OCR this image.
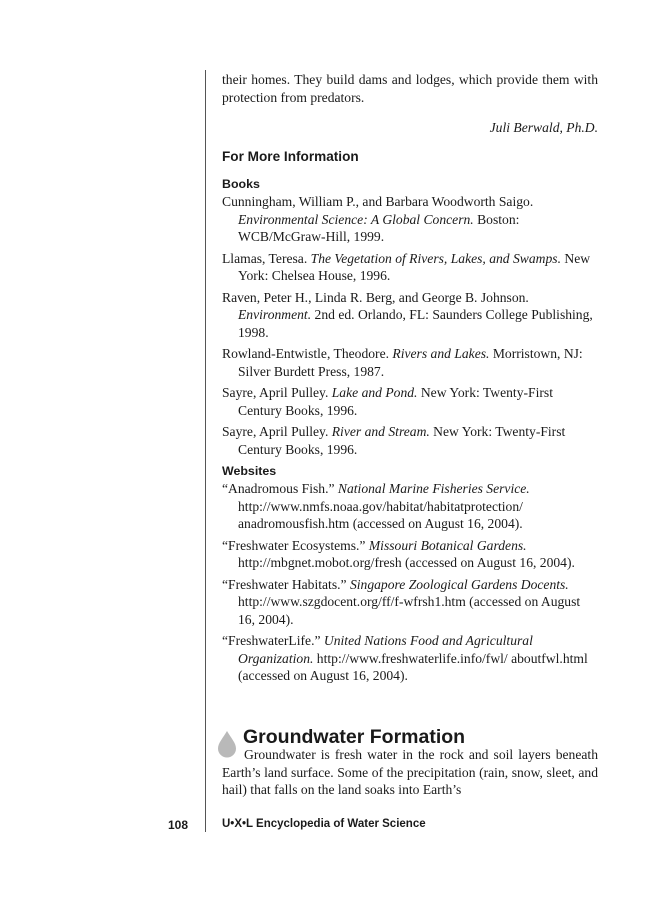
their homes. They build dams and lodges, which provide them with protection from predators.

Juli Berwald, Ph.D.
For More Information
Books
Cunningham, William P., and Barbara Woodworth Saigo. Environmental Science: A Global Concern. Boston: WCB/McGraw-Hill, 1999.
Llamas, Teresa. The Vegetation of Rivers, Lakes, and Swamps. New York: Chelsea House, 1996.
Raven, Peter H., Linda R. Berg, and George B. Johnson. Environment. 2nd ed. Orlando, FL: Saunders College Publishing, 1998.
Rowland-Entwistle, Theodore. Rivers and Lakes. Morristown, NJ: Silver Burdett Press, 1987.
Sayre, April Pulley. Lake and Pond. New York: Twenty-First Century Books, 1996.
Sayre, April Pulley. River and Stream. New York: Twenty-First Century Books, 1996.
Websites
“Anadromous Fish.” National Marine Fisheries Service. http://www.nmfs.noaa.gov/habitat/habitatprotection/ anadromousfish.htm (accessed on August 16, 2004).
“Freshwater Ecosystems.” Missouri Botanical Gardens. http://mbgnet.mobot.org/fresh (accessed on August 16, 2004).
“Freshwater Habitats.” Singapore Zoological Gardens Docents. http://www.szgdocent.org/ff/f-wfrsh1.htm (accessed on August 16, 2004).
“FreshwaterLife.” United Nations Food and Agricultural Organization. http://www.freshwaterlife.info/fwl/ aboutfwl.html (accessed on August 16, 2004).
Groundwater Formation

Groundwater is fresh water in the rock and soil layers beneath Earth’s land surface. Some of the precipitation (rain, snow, sleet, and hail) that falls on the land soaks into Earth’s

108	U•X•L Encyclopedia of Water Science
